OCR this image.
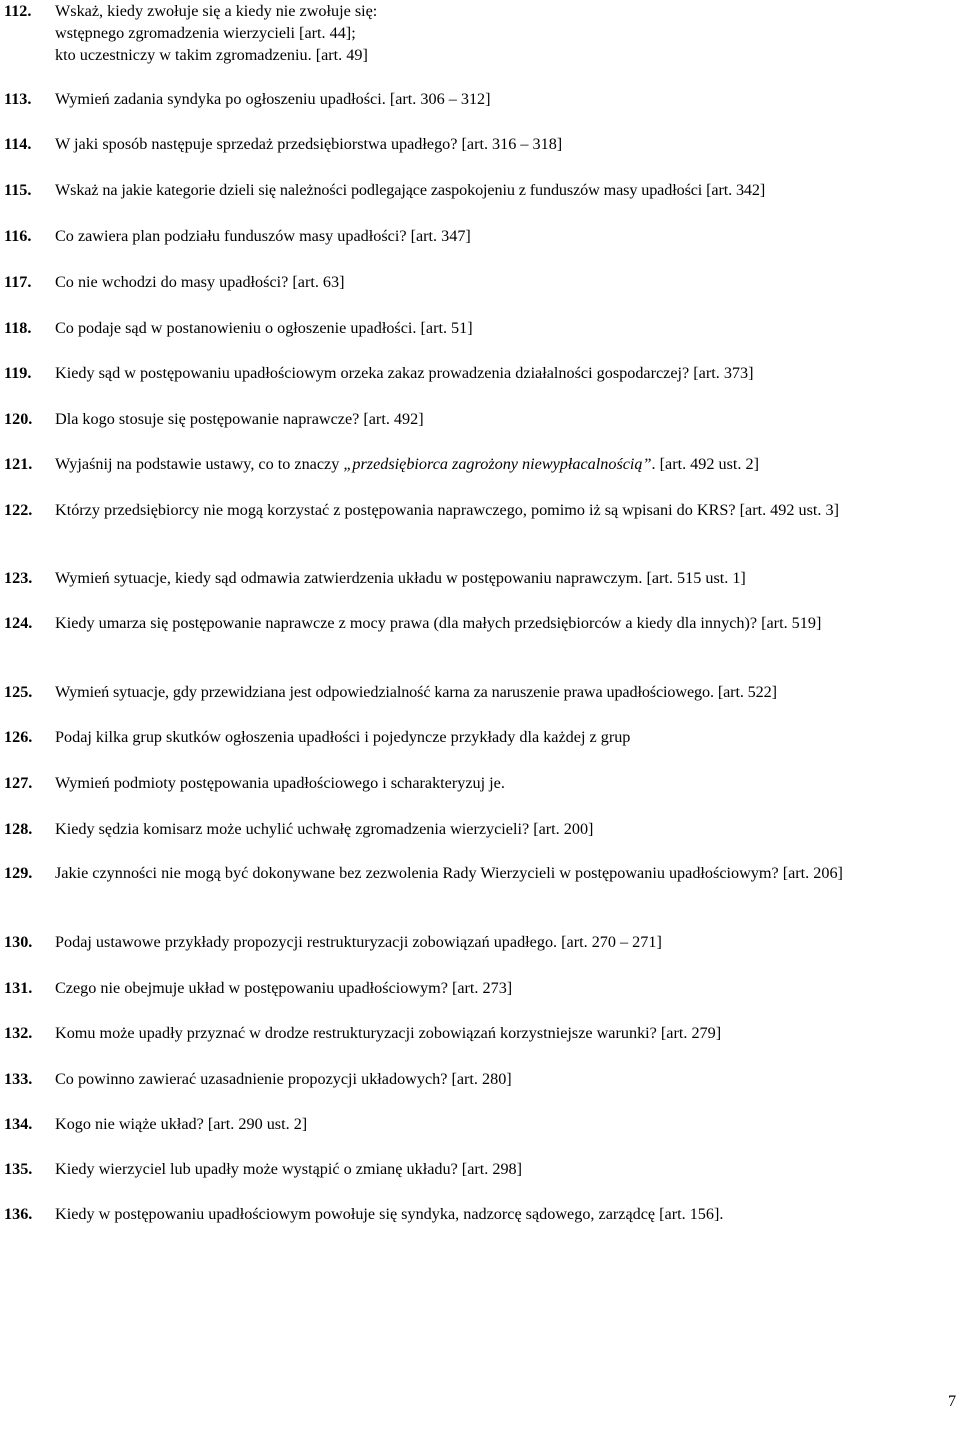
112.	Wskaż, kiedy zwołuje się a kiedy nie zwołuje się:
wstępnego zgromadzenia wierzycieli [art. 44];
kto uczestniczy w takim zgromadzeniu. [art. 49]
113.	Wymień zadania syndyka po ogłoszeniu upadłości. [art. 306 – 312]
114.	W jaki sposób następuje sprzedaż przedsiębiorstwa upadłego? [art. 316 – 318]
115.	Wskaż na jakie kategorie dzieli się należności podlegające zaspokojeniu z funduszów masy upadłości [art. 342]
116.	Co zawiera plan podziału funduszów masy upadłości? [art. 347]
117.	Co nie wchodzi do masy upadłości? [art. 63]
118.	Co podaje sąd w postanowieniu o ogłoszenie upadłości. [art. 51]
119.	Kiedy sąd w postępowaniu upadłościowym orzeka zakaz prowadzenia działalności gospodarczej? [art. 373]
120.	Dla kogo stosuje się postępowanie naprawcze? [art. 492]
121.	Wyjaśnij na podstawie ustawy, co to znaczy „przedsiębiorca zagrożony niewypłacalnością”. [art. 492 ust. 2]
122.	Którzy przedsiębiorcy nie mogą korzystać z postępowania naprawczego, pomimo iż są wpisani do KRS? [art. 492 ust. 3]
123.	Wymień sytuacje, kiedy sąd odmawia zatwierdzenia układu w postępowaniu naprawczym. [art. 515 ust. 1]
124.	Kiedy umarza się postępowanie naprawcze z mocy prawa (dla małych przedsiębiorców a kiedy dla innych)? [art. 519]
125.	Wymień sytuacje, gdy przewidziana jest odpowiedzialność karna za naruszenie prawa upadłościowego. [art. 522]
126.	Podaj kilka grup skutków ogłoszenia upadłości i pojedyncze przykłady dla każdej z grup
127.	Wymień podmioty postępowania upadłościowego i scharakteryzuj je.
128.	Kiedy sędzia komisarz może uchylić uchwałę zgromadzenia wierzycieli? [art. 200]
129.	Jakie czynności nie mogą być dokonywane bez zezwolenia Rady Wierzycieli w postępowaniu upadłościowym? [art. 206]
130.	Podaj ustawowe przykłady propozycji restrukturyzacji zobowiązań upadłego. [art. 270 – 271]
131.	Czego nie obejmuje układ w postępowaniu upadłościowym? [art. 273]
132.	Komu może upadły przyznać w drodze restrukturyzacji zobowiązań korzystniejsze warunki? [art. 279]
133.	Co powinno zawierać uzasadnienie propozycji układowych? [art. 280]
134.	Kogo nie wiąże układ? [art. 290 ust. 2]
135.	Kiedy wierzyciel lub upadły może wystąpić o zmianę układu? [art. 298]
136.	Kiedy w postępowaniu upadłościowym powołuje się syndyka, nadzorcę sądowego, zarządcę [art. 156].
7
